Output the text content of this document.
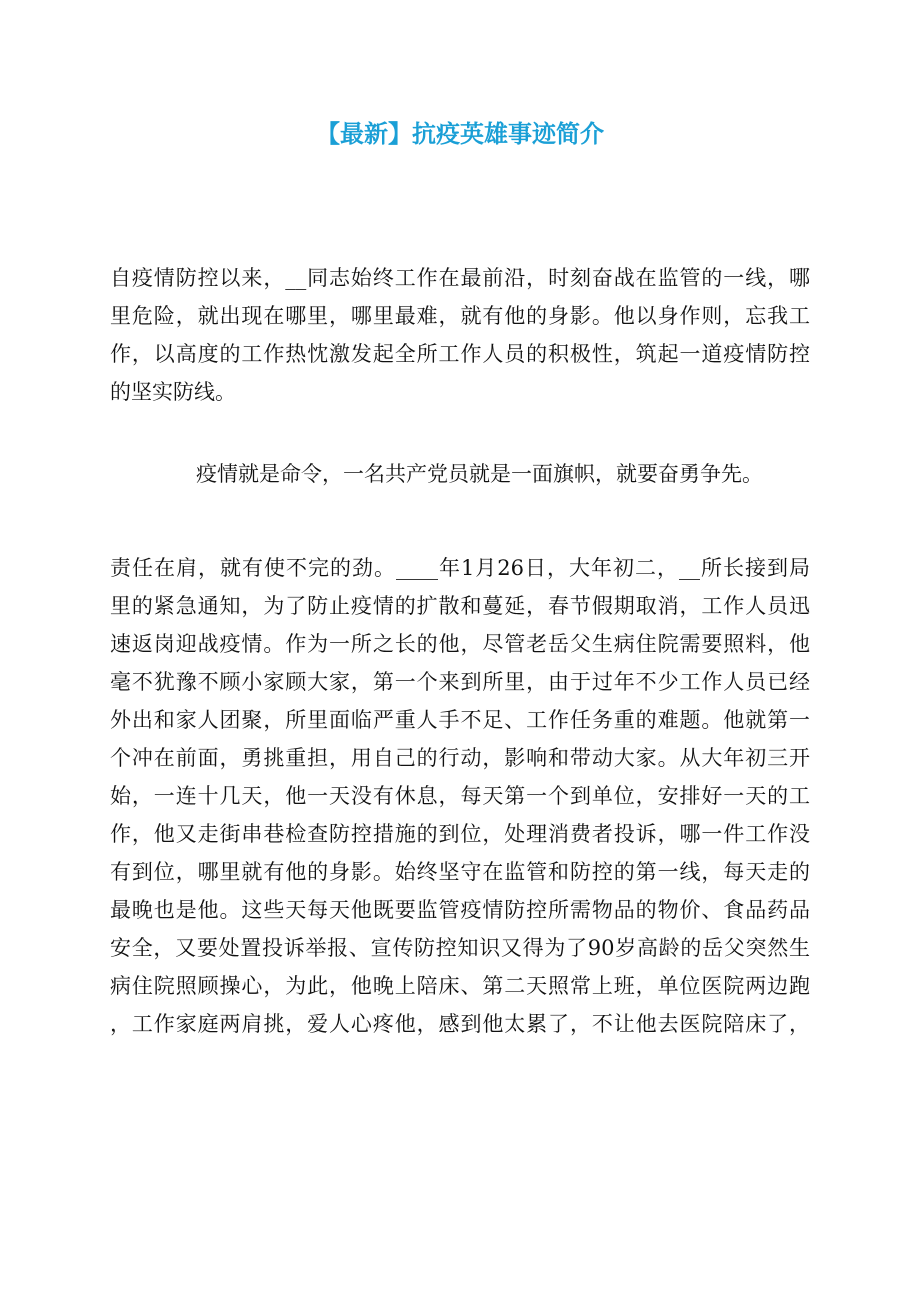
【最新】抗疫英雄事迹简介
自疫情防控以来，__同志始终工作在最前沿，时刻奋战在监管的一线，哪
里危险，就出现在哪里，哪里最难，就有他的身影。他以身作则，忘我工
作，以高度的工作热忱激发起全所工作人员的积极性，筑起一道疫情防控
的坚实防线。
疫情就是命令，一名共产党员就是一面旗帜，就要奋勇争先。
责任在肩，就有使不完的劲。____年1月26日，大年初二，__所长接到局
里的紧急通知，为了防止疫情的扩散和蔓延，春节假期取消，工作人员迅
速返岗迎战疫情。作为一所之长的他，尽管老岳父生病住院需要照料，他
毫不犹豫不顾小家顾大家，第一个来到所里，由于过年不少工作人员已经
外出和家人团聚，所里面临严重人手不足、工作任务重的难题。他就第一
个冲在前面，勇挑重担，用自己的行动，影响和带动大家。从大年初三开
始，一连十几天，他一天没有休息，每天第一个到单位，安排好一天的工
作，他又走街串巷检查防控措施的到位，处理消费者投诉，哪一件工作没
有到位，哪里就有他的身影。始终坚守在监管和防控的第一线，每天走的
最晚也是他。这些天每天他既要监管疫情防控所需物品的物价、食品药品
安全，又要处置投诉举报、宣传防控知识又得为了90岁高龄的岳父突然生
病住院照顾操心，为此，他晚上陪床、第二天照常上班，单位医院两边跑
，工作家庭两肩挑，爱人心疼他，感到他太累了，不让他去医院陪床了，
